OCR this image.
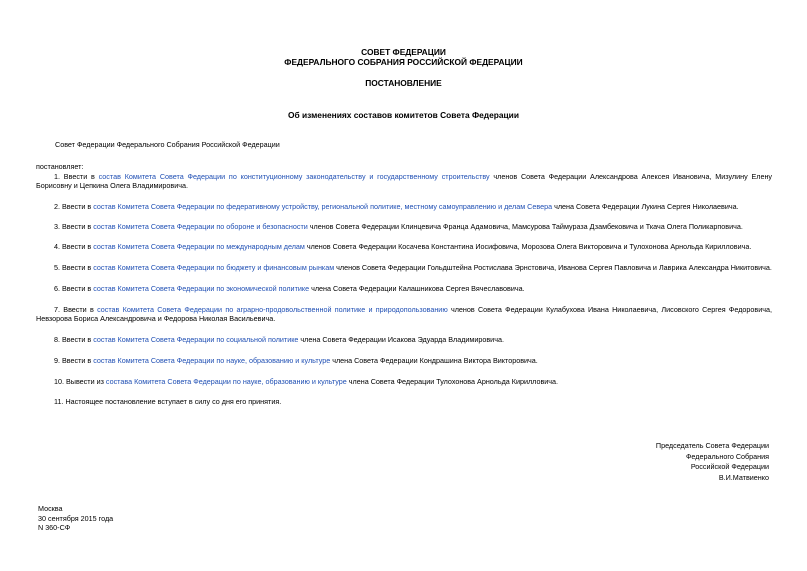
СОВЕТ ФЕДЕРАЦИИ
ФЕДЕРАЛЬНОГО СОБРАНИЯ РОССИЙСКОЙ ФЕДЕРАЦИИ
ПОСТАНОВЛЕНИЕ
Об изменениях составов комитетов Совета Федерации
Совет Федерации Федерального Собрания Российской Федерации
постановляет:

1. Ввести в состав Комитета Совета Федерации по конституционному законодательству и государственному строительству членов Совета Федерации Александрова Алексея Ивановича, Мизулину Елену Борисовну и Цепкина Олега Владимировича.

2. Ввести в состав Комитета Совета Федерации по федеративному устройству, региональной политике, местному самоуправлению и делам Севера члена Совета Федерации Лукина Сергея Николаевича.

3. Ввести в состав Комитета Совета Федерации по обороне и безопасности членов Совета Федерации Клинцевича Франца Адамовича, Мамсурова Таймураза Дзамбековича и Ткача Олега Поликарповича.

4. Ввести в состав Комитета Совета Федерации по международным делам членов Совета Федерации Косачева Константина Иосифовича, Морозова Олега Викторовича и Тулохонова Арнольда Кирилловича.

5. Ввести в состав Комитета Совета Федерации по бюджету и финансовым рынкам членов Совета Федерации Гольдштейна Ростислава Эрнстовича, Иванова Сергея Павловича и Лаврика Александра Никитовича.

6. Ввести в состав Комитета Совета Федерации по экономической политике члена Совета Федерации Калашникова Сергея Вячеславовича.

7. Ввести в состав Комитета Совета Федерации по аграрно-продовольственной политике и природопользованию членов Совета Федерации Кулабухова Ивана Николаевича, Лисовского Сергея Федоровича, Невзорова Бориса Александровича и Федорова Николая Васильевича.

8. Ввести в состав Комитета Совета Федерации по социальной политике члена Совета Федерации Исакова Эдуарда Владимировича.

9. Ввести в состав Комитета Совета Федерации по науке, образованию и культуре члена Совета Федерации Кондрашина Виктора Викторовича.

10. Вывести из состава Комитета Совета Федерации по науке, образованию и культуре члена Совета Федерации Тулохонова Арнольда Кирилловича.

11. Настоящее постановление вступает в силу со дня его принятия.

Председатель Совета Федерации
Федерального Собрания
Российской Федерации
В.И.Матвиенко
Москва
30 сентября 2015 года
N 360-СФ
